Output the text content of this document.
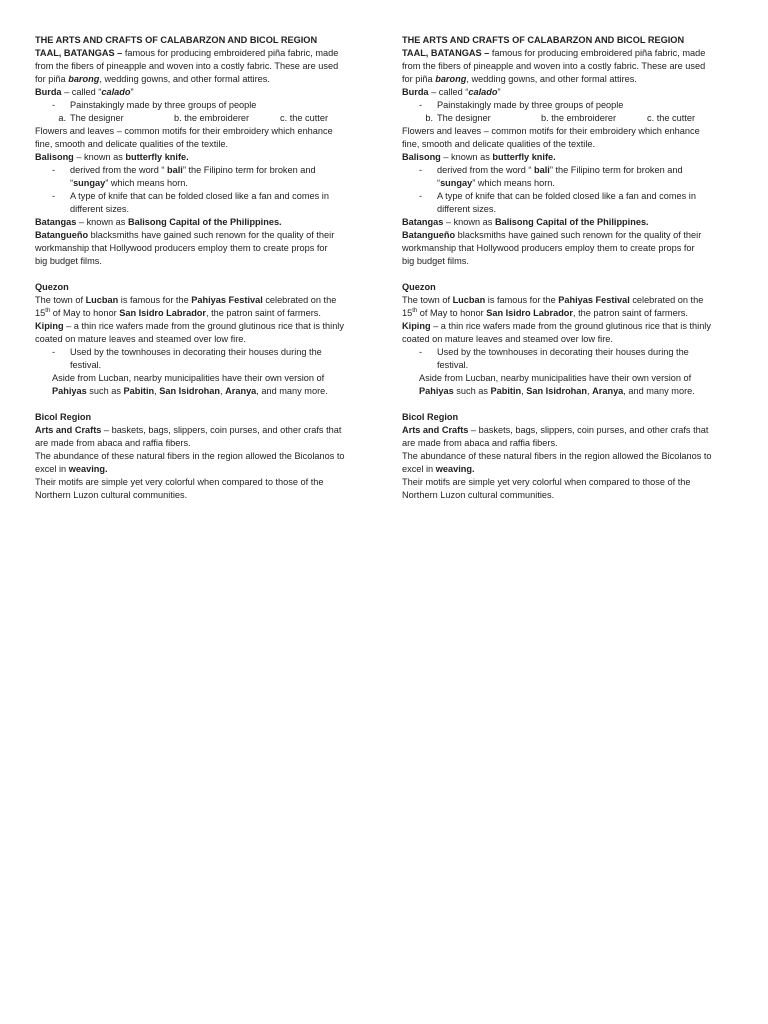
THE ARTS AND CRAFTS OF CALABARZON AND BICOL REGION
TAAL, BATANGAS – famous for producing embroidered piña fabric, made
from the fibers of pineapple and woven into a costly fabric. These are used
for piña barong, wedding gowns, and other formal attires.
Burda – called “calado”
- Painstakingly made by three groups of people
a. The designer	b. the embroiderer	c. the cutter
Flowers and leaves – common motifs for their embroidery which enhance
fine, smooth and delicate qualities of the textile.
Balisong – known as butterfly knife.
- derived from the word “ bali” the Filipino term for broken and
“sungay” which means horn.
- A type of knife that can be folded closed like a fan and comes in
different sizes.
Batangas – known as Balisong Capital of the Philippines.
Batangueño blacksmiths have gained such renown for the quality of their
workmanship that Hollywood producers employ them to create props for
big budget films.
Quezon
The town of Lucban is famous for the Pahiyas Festival celebrated on the
15th of May to honor San Isidro Labrador, the patron saint of farmers.
Kiping – a thin rice wafers made from the ground glutinous rice that is thinly
coated on mature leaves and steamed over low fire.
- Used by the townhouses in decorating their houses during the
festival.
Aside from Lucban, nearby municipalities have their own version of
Pahiyas such as Pabitin, San Isidrohan, Aranya, and many more.
Bicol Region
Arts and Crafts – baskets, bags, slippers, coin purses, and other crafs that
are made from abaca and raffia fibers.
The abundance of these natural fibers in the region allowed the Bicolanos to
excel in weaving.
Their motifs are simple yet very colorful when compared to those of the
Northern Luzon cultural communities.
THE ARTS AND CRAFTS OF CALABARZON AND BICOL REGION
TAAL, BATANGAS – famous for producing embroidered piña fabric, made
from the fibers of pineapple and woven into a costly fabric. These are used
for piña barong, wedding gowns, and other formal attires.
Burda – called “calado”
- Painstakingly made by three groups of people
b. The designer	b. the embroiderer	c. the cutter
Flowers and leaves – common motifs for their embroidery which enhance
fine, smooth and delicate qualities of the textile.
Balisong – known as butterfly knife.
- derived from the word “ bali” the Filipino term for broken and
“sungay” which means horn.
- A type of knife that can be folded closed like a fan and comes in
different sizes.
Batangas – known as Balisong Capital of the Philippines.
Batangueño blacksmiths have gained such renown for the quality of their
workmanship that Hollywood producers employ them to create props for
big budget films.
Quezon
The town of Lucban is famous for the Pahiyas Festival celebrated on the
15th of May to honor San Isidro Labrador, the patron saint of farmers.
Kiping – a thin rice wafers made from the ground glutinous rice that is thinly
coated on mature leaves and steamed over low fire.
- Used by the townhouses in decorating their houses during the
festival.
Aside from Lucban, nearby municipalities have their own version of
Pahiyas such as Pabitin, San Isidrohan, Aranya, and many more.
Bicol Region
Arts and Crafts – baskets, bags, slippers, coin purses, and other crafs that
are made from abaca and raffia fibers.
The abundance of these natural fibers in the region allowed the Bicolanos to
excel in weaving.
Their motifs are simple yet very colorful when compared to those of the
Northern Luzon cultural communities.
